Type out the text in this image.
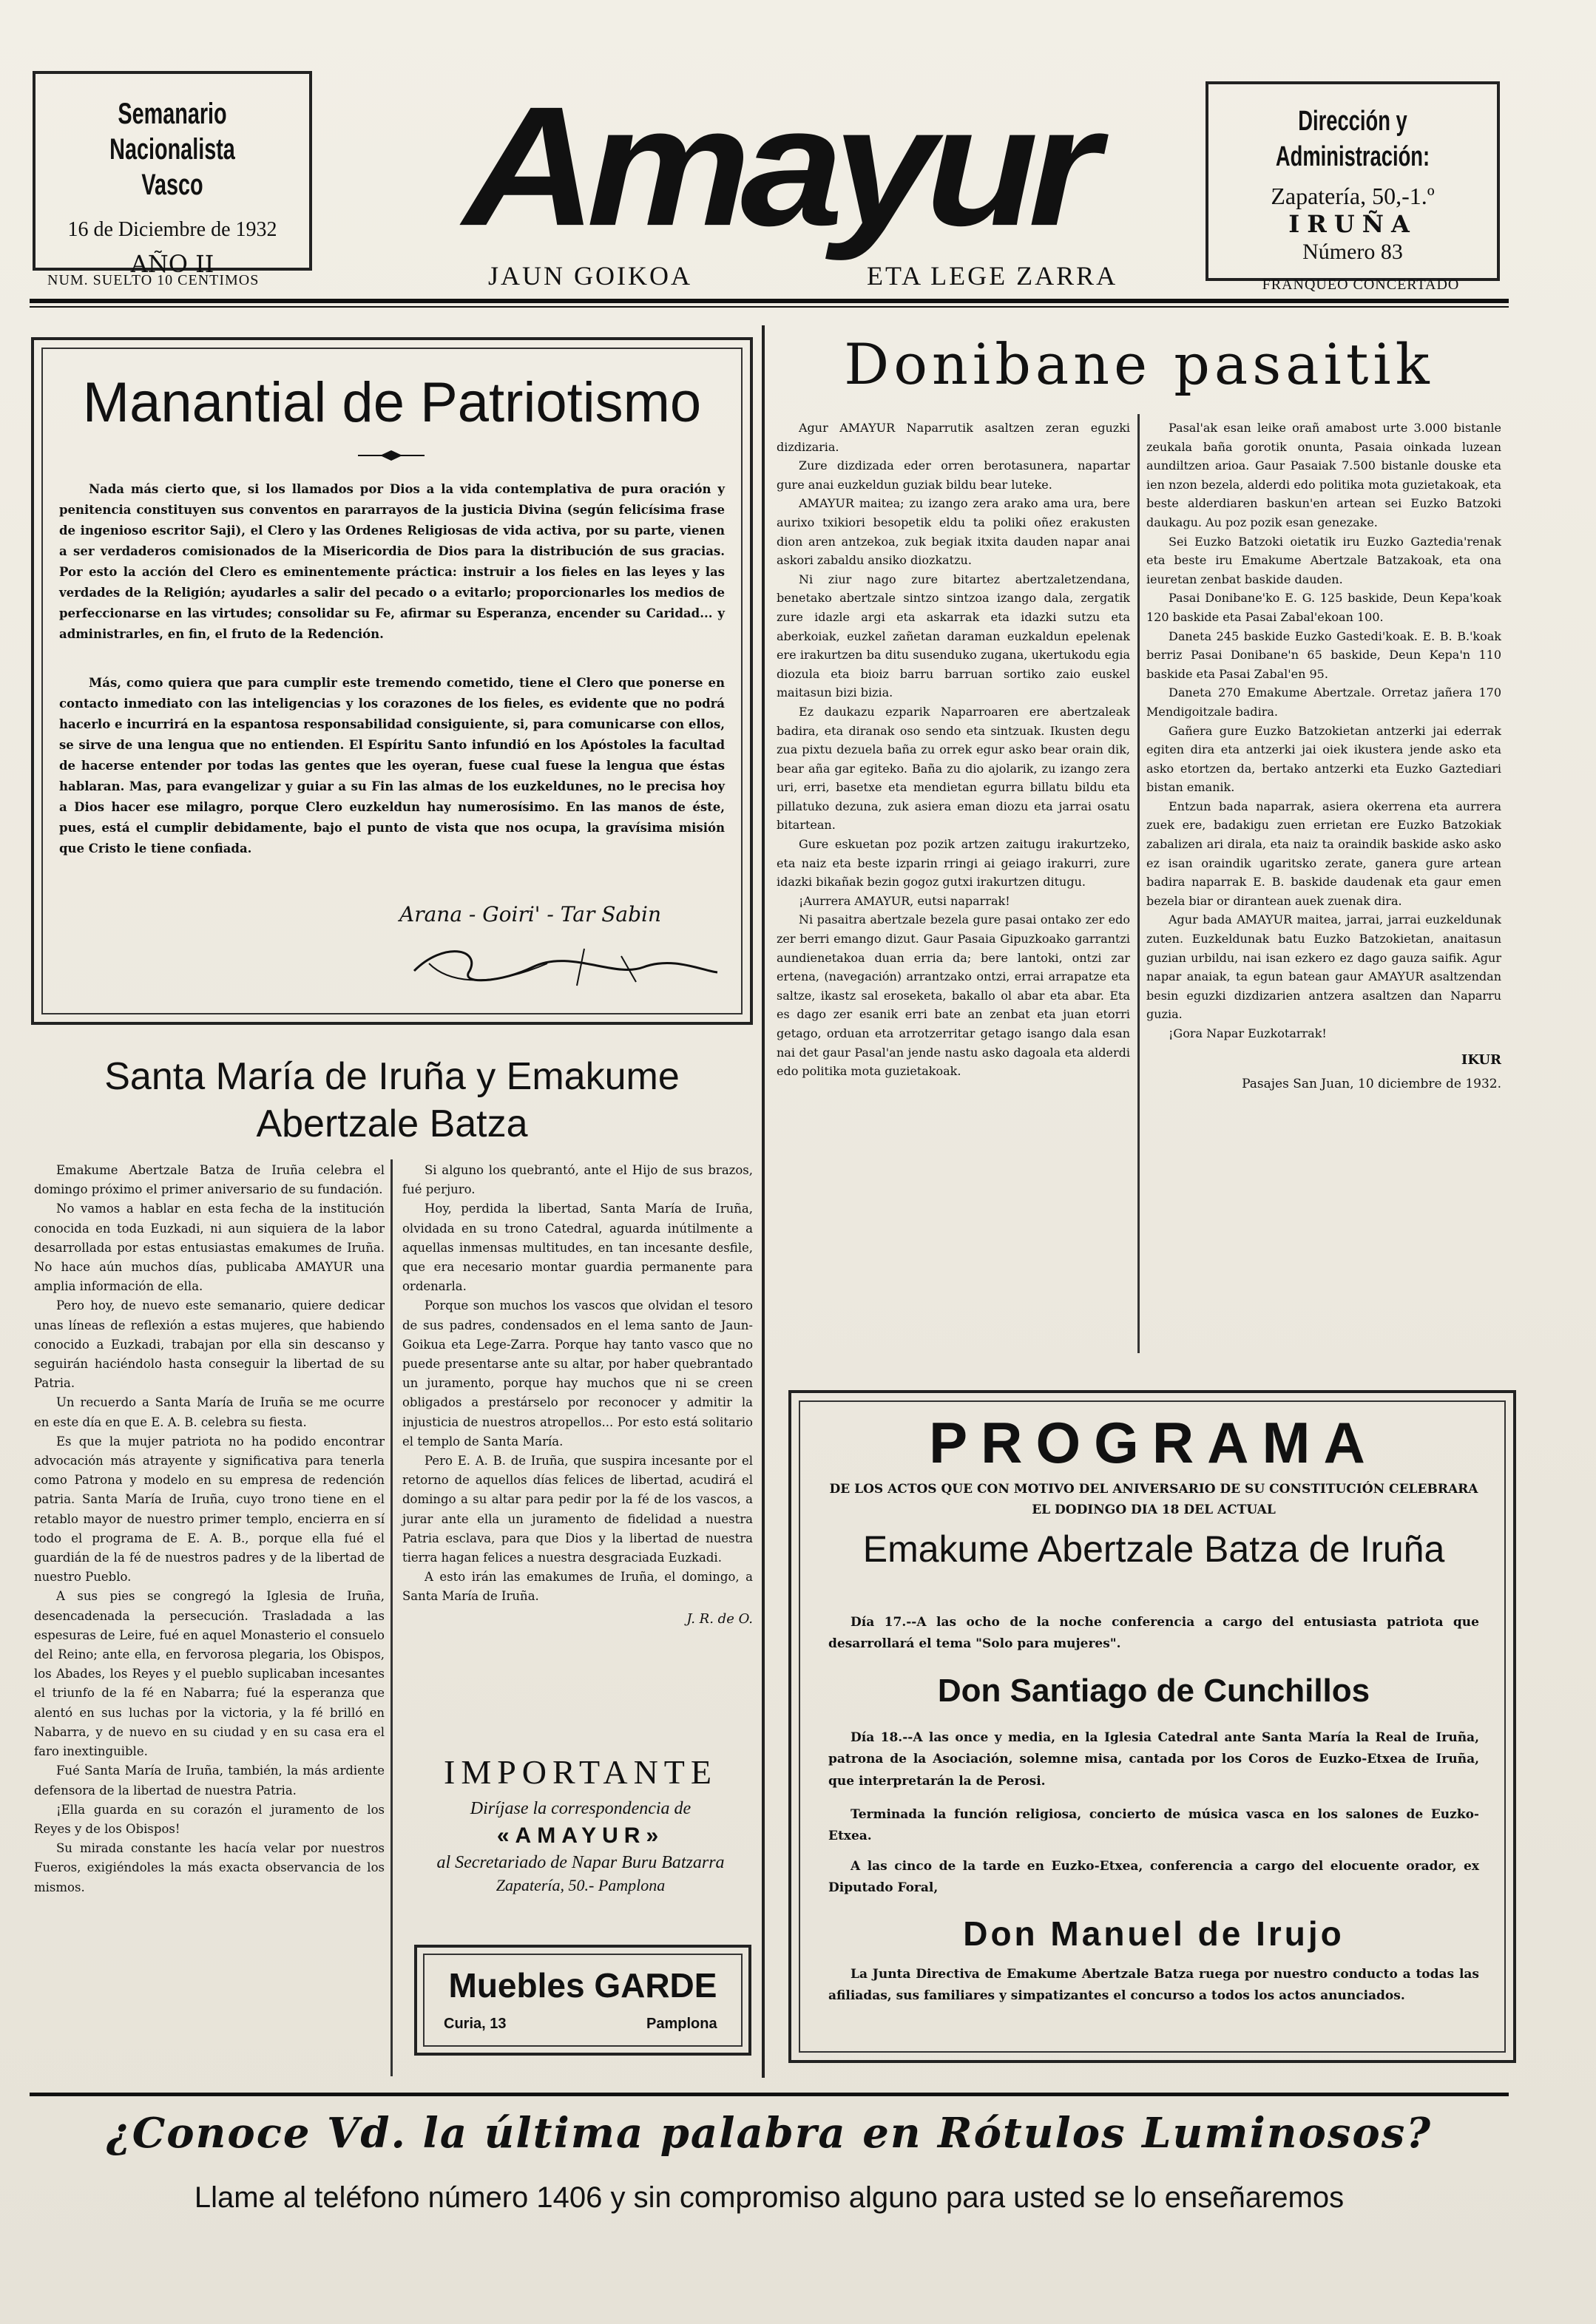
Semanario Nacionalista
Vasco
16 de Diciembre de 1932
AÑO II
NUM. SUELTO 10 CENTIMOS
Amayur
JAUN GOIKOA	ETA LEGE ZARRA
Dirección y Administración:
Zapatería, 50,-1.º
IRUÑA
Número 83
FRANQUEO CONCERTADO
Manantial de Patriotismo
Nada más cierto que, si los llamados por Dios a la vida contemplativa de pura oración y penitencia constituyen sus conventos en pararrayos de la justicia Divina (según felicísima frase de ingenioso escritor Saji), el Clero y las Ordenes Religiosas de vida activa, por su parte, vienen a ser verdaderos comisionados de la Misericordia de Dios para la distribución de sus gracias. Por esto la acción del Clero es eminentemente práctica: instruir a los fieles en las leyes y las verdades de la Religión; ayudarles a salir del pecado o a evitarlo; proporcionarles los medios de perfeccionarse en las virtudes; consolidar su Fe, afirmar su Esperanza, encender su Caridad... y administrarles, en fin, el fruto de la Redención.
Más, como quiera que para cumplir este tremendo cometido, tiene el Clero que ponerse en contacto inmediato con las inteligencias y los corazones de los fieles, es evidente que no podrá hacerlo e incurrirá en la espantosa responsabilidad consiguiente, si, para comunicarse con ellos, se sirve de una lengua que no entienden. El Espíritu Santo infundió en los Apóstoles la facultad de hacerse entender por todas las gentes que les oyeran, fuese cual fuese la lengua que éstas hablaran. Mas, para evangelizar y guiar a su Fin las almas de los euzkeldunes, no le precisa hoy a Dios hacer ese milagro, porque Clero euzkeldun hay numerosísimo. En las manos de éste, pues, está el cumplir debidamente, bajo el punto de vista que nos ocupa, la gravísima misión que Cristo le tiene confiada.
Arana - Goiri' - Tar Sabin
Santa María de Iruña y Emakume
Abertzale Batza
Emakume Abertzale Batza de Iruña celebra el domingo próximo el primer aniversario de su fundación.
No vamos a hablar en esta fecha de la institución conocida en toda Euzkadi, ni aun siquiera de la labor desarrollada por estas entusiastas emakumes de Iruña. No hace aún muchos días, publicaba AMAYUR una amplia información de ella.
Pero hoy, de nuevo este semanario, quiere dedicar unas líneas de reflexión a estas mujeres, que habiendo conocido a Euzkadi, trabajan por ella sin descanso y seguirán haciéndolo hasta conseguir la libertad de su Patria.
Un recuerdo a Santa María de Iruña se me ocurre en este día en que E. A. B. celebra su fiesta.
Es que la mujer patriota no ha podido encontrar advocación más atrayente y significativa para tenerla como Patrona y modelo en su empresa de redención patria. Santa María de Iruña, cuyo trono tiene en el retablo mayor de nuestro primer templo, encierra en sí todo el programa de E. A. B., porque ella fué el guardián de la fé de nuestros padres y de la libertad de nuestro Pueblo.
A sus pies se congregó la Iglesia de Iruña, desencadenada la persecución. Trasladada a las espesuras de Leire, fué en aquel Monasterio el consuelo del Reino; ante ella, en fervorosa plegaria, los Obispos, los Abades, los Reyes y el pueblo suplicaban incesantes el triunfo de la fé en Nabarra; fué la esperanza que alentó en sus luchas por la victoria, y la fé brilló en Nabarra, y de nuevo en su ciudad y en su casa era el faro inextinguible.
Fué Santa María de Iruña, también, la más ardiente defensora de la libertad de nuestra Patria.
¡Ella guarda en su corazón el juramento de los Reyes y de los Obispos!
Su mirada constante les hacía velar por nuestros Fueros, exigiéndoles la más exacta observancia de los mismos.
Si alguno los quebrantó, ante el Hijo de sus brazos, fué perjuro.
Hoy, perdida la libertad, Santa María de Iruña, olvidada en su trono Catedral, aguarda inútilmente a aquellas inmensas multitudes, en tan incesante desfile, que era necesario montar guardia permanente para ordenarla.
Porque son muchos los vascos que olvidan el tesoro de sus padres, condensados en el lema santo de Jaun-Goikua eta Lege-Zarra. Porque hay tanto vasco que no puede presentarse ante su altar, por haber quebrantado un juramento, porque hay muchos que ni se creen obligados a prestárselo por reconocer y admitir la injusticia de nuestros atropellos... Por esto está solitario el templo de Santa María.
Pero E. A. B. de Iruña, que suspira incesante por el retorno de aquellos días felices de libertad, acudirá el domingo a su altar para pedir por la fé de los vascos, a jurar ante ella un juramento de fidelidad a nuestra Patria esclava, para que Dios y la libertad de nuestra tierra hagan felices a nuestra desgraciada Euzkadi.
A esto irán las emakumes de Iruña, el domingo, a Santa María de Iruña.
J. R. de O.
IMPORTANTE
Diríjase la correspondencia de
«AMAYUR»
al Secretariado de Napar Buru Batzarra
Zapatería, 50.- Pamplona
Muebles GARDE
Curia, 13	Pamplona
Donibane pasaitik
Agur AMAYUR Naparrutik asaltzen zeran eguzki dizdizaria.
Zure dizdizada eder orren berotasunera, napartar gure anai euzkeldun guziak bildu bear luteke.
AMAYUR maitea; zu izango zera arako ama ura, bere aurixo txikiori besopetik eldu ta poliki oñez erakusten dion aren antzekoa, zuk begiak itxita dauden napar anai askori zabaldu ansiko diozkatzu.
Ni ziur nago zure bitartez abertzaletzendana, benetako abertzale sintzo sintzoa izango dala, zergatik zure idazle argi eta askarrak eta idazki sutzu eta aberkoiak, euzkel zañetan daraman euzkaldun epelenak ere irakurtzen ba ditu susenduko zugana, ukertukodu egia diozula eta bioiz barru barruan sortiko zaio euskel maitasun bizi bizia.
Ez daukazu ezparik Naparroaren ere abertzaleak badira, eta diranak oso sendo eta sintzuak. Ikusten degu zua pixtu dezuela baña zu orrek egur asko bear orain dik, bear aña gar egiteko. Baña zu dio ajolarik, zu izango zera uri, erri, basetxe eta mendietan egurra billatu bildu eta pillatuko dezuna, zuk asiera eman diozu eta jarrai osatu bitartean.
Gure eskuetan poz pozik artzen zaitugu irakurtzeko, eta naiz eta beste izparin rringi ai geiago irakurri, zure idazki bikañak bezin gogoz gutxi irakurtzen ditugu.
¡Aurrera AMAYUR, eutsi naparrak!
Ni pasaitra abertzale bezela gure pasai ontako zer edo zer berri emango dizut. Gaur Pasaia Gipuzkoako garrantzi aundienetakoa duan erria da; bere lantoki, ontzi zar ertena, (navegación) arrantzako ontzi, errai arrapatze eta saltze, ikastz sal eroseketa, bakallo ol abar eta abar. Eta es dago zer esanik erri bate an zenbat eta juan etorri getago, orduan eta arrotzerritar getago isango dala esan nai det gaur Pasal'an jende nastu asko dagoala eta alderdi edo politika mota guzietakoak.
Pasal'ak esan leike orañ amabost urte 3.000 bistanle zeukala baña gorotik onunta, Pasaia oinkada luzean aundiltzen arioa. Gaur Pasaiak 7.500 bistanle douske eta ien nzon bezela, alderdi edo politika mota guzietakoak, eta beste alderdiaren baskun'en artean sei Euzko Batzoki daukagu. Au poz pozik esan genezake.
Sei Euzko Batzoki oietatik iru Euzko Gaztedia'renak eta beste iru Emakume Abertzale Batzakoak, eta ona ieuretan zenbat baskide dauden.
Pasai Donibane'ko E. G. 125 baskide, Deun Kepa'koak 120 baskide eta Pasai Zabal'ekoan 100.
Daneta 245 baskide Euzko Gastedi'koak. E. B. B.'koak berriz Pasai Donibane'n 65 baskide, Deun Kepa'n 110 baskide eta Pasai Zabal'en 95.
Daneta 270 Emakume Abertzale. Orretaz jañera 170 Mendigoitzale badira.
Gañera gure Euzko Batzokietan antzerki jai ederrak egiten dira eta antzerki jai oiek ikustera jende asko eta asko etortzen da, bertako antzerki eta Euzko Gaztediari bistan emanik.
Entzun bada naparrak, asiera okerrena eta aurrera zuek ere, badakigu zuen errietan ere Euzko Batzokiak zabalizen ari dirala, eta naiz ta oraindik baskide asko asko ez isan oraindik ugaritsko zerate, ganera gure artean badira naparrak E. B. baskide daudenak eta gaur emen bezela biar or dirantean auek zuenak dira.
Agur bada AMAYUR maitea, jarrai, jarrai euzkeldunak zuten. Euzkeldunak batu Euzko Batzokietan, anaitasun guzian urbildu, nai isan ezkero ez dago gauza saifik. Agur napar anaiak, ta egun batean gaur AMAYUR asaltzendan besin eguzki dizdizarien antzera asaltzen dan Naparru guzia.
¡Gora Napar Euzkotarrak!
IKUR
Pasajes San Juan, 10 diciembre de 1932.
PROGRAMA
DE LOS ACTOS QUE CON MOTIVO DEL ANIVERSARIO DE SU CONSTITUCIÓN CELEBRARA EL DODINGO DIA 18 DEL ACTUAL
Emakume Abertzale Batza de Iruña
Día 17.--A las ocho de la noche conferencia a cargo del entusiasta patriota que desarrollará el tema "Solo para mujeres".
Don Santiago de Cunchillos
Día 18.--A las once y media, en la Iglesia Catedral ante Santa María la Real de Iruña, patrona de la Asociación, solemne misa, cantada por los Coros de Euzko-Etxea de Iruña, que interpretarán la de Perosi.
Terminada la función religiosa, concierto de música vasca en los salones de Euzko-Etxea.
A las cinco de la tarde en Euzko-Etxea, conferencia a cargo del elocuente orador, ex Diputado Foral,
Don Manuel de Irujo
La Junta Directiva de Emakume Abertzale Batza ruega por nuestro conducto a todas las afiliadas, sus familiares y simpatizantes el concurso a todos los actos anunciados.
¿Conoce Vd. la última palabra en Rótulos Luminosos?
Llame al teléfono número 1406 y sin compromiso alguno para usted se lo enseñaremos
